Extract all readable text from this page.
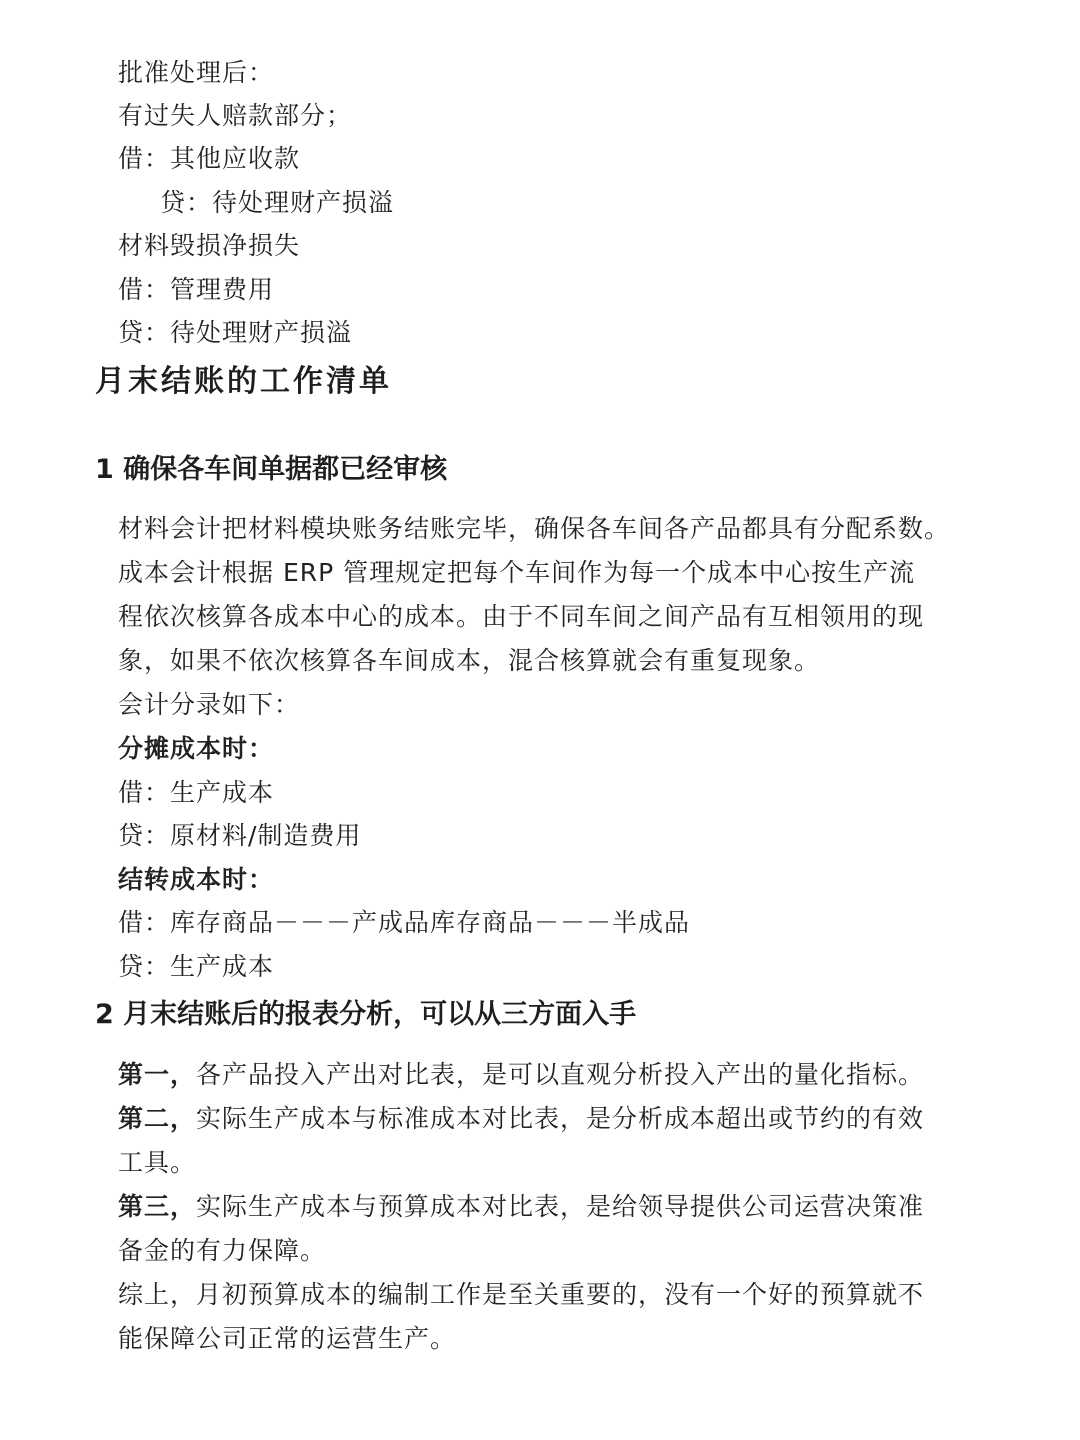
批准处理后：
有过失人赔款部分；
借：其他应收款
贷：待处理财产损溢
材料毁损净损失
借：管理费用
贷：待处理财产损溢
月末结账的工作清单
1 确保各车间单据都已经审核
材料会计把材料模块账务结账完毕，确保各车间各产品都具有分配系数。
成本会计根据 ERP 管理规定把每个车间作为每一个成本中心按生产流
程依次核算各成本中心的成本。由于不同车间之间产品有互相领用的现
象，如果不依次核算各车间成本，混合核算就会有重复现象。
会计分录如下：
分摊成本时：
借：生产成本
贷：原材料/制造费用
结转成本时：
借：库存商品－－－产成品库存商品－－－半成品
贷：生产成本
2 月末结账后的报表分析，可以从三方面入手
第一，各产品投入产出对比表，是可以直观分析投入产出的量化指标。
第二，实际生产成本与标准成本对比表，是分析成本超出或节约的有效
工具。
第三，实际生产成本与预算成本对比表，是给领导提供公司运营决策准
备金的有力保障。
综上，月初预算成本的编制工作是至关重要的，没有一个好的预算就不
能保障公司正常的运营生产。
